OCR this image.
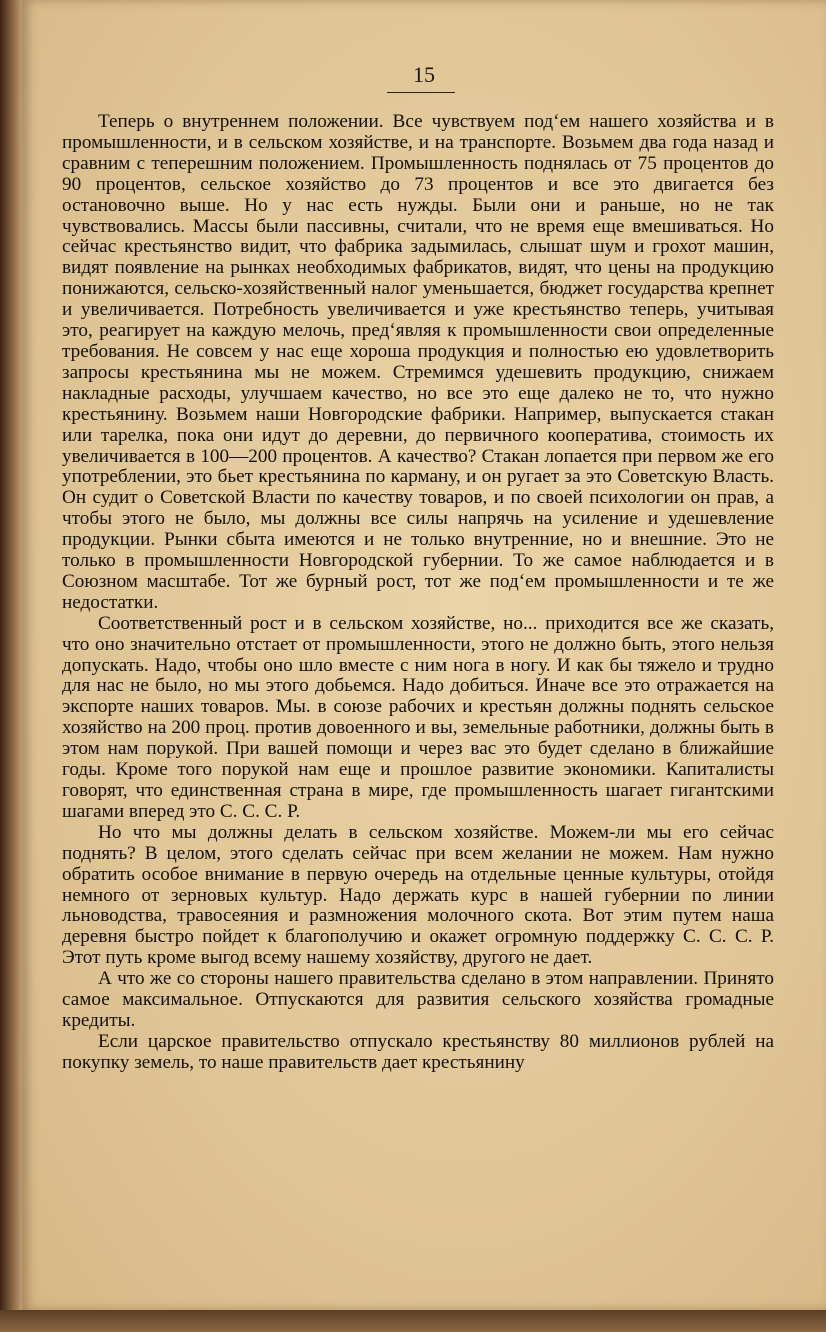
15

Теперь о внутреннем положении. Все чувствуем под‘ем нашего хозяйства и в промышленности, и в сельском хозяйстве, и на транспорте. Возьмем два года назад и сравним с теперешним положением. Промышленность поднялась от 75 процентов до 90 процентов, сельское хозяйство до 73 процентов и все это двигается без остановочно выше. Но у нас есть нужды. Были они и раньше, но не так чувствовались. Массы были пассивны, считали, что не время еще вмешиваться. Но сейчас крестьянство видит, что фабрика задымилась, слышат шум и грохот машин, видят появление на рынках необходимых фабрикатов, видят, что цены на продукцию понижаются, сельско-хозяйственный налог уменьшается, бюджет государства крепнет и увеличивается. Потребность увеличивается и уже крестьянство теперь, учитывая это, реагирует на каждую мелочь, пред‘являя к промышленности свои определенные требования. Не совсем у нас еще хороша продукция и полностью ею удовлетворить запросы крестьянина мы не можем. Стремимся удешевить продукцию, снижаем накладные расходы, улучшаем качество, но все это еще далеко не то, что нужно крестьянину. Возьмем наши Новгородские фабрики. Например, выпускается стакан или тарелка, пока они идут до деревни, до первичного кооператива, стоимость их увеличивается в 100—200 процентов. А качество? Стакан лопается при первом же его употреблении, это бьет крестьянина по карману, и он ругает за это Советскую Власть. Он судит о Советской Власти по качеству товаров, и по своей психологии он прав, а чтобы этого не было, мы должны все силы напрячь на усиление и удешевление продукции. Рынки сбыта имеются и не только внутренние, но и внешние. Это не только в промышленности Новгородской губернии. То же самое наблюдается и в Союзном масштабе. Тот же бурный рост, тот же под‘ем промышленности и те же недостатки.

Соответственный рост и в сельском хозяйстве, но... приходится все же сказать, что оно значительно отстает от промышленности, этого не должно быть, этого нельзя допускать. Надо, чтобы оно шло вместе с ним нога в ногу. И как бы тяжело и трудно для нас не было, но мы этого добьемся. Надо добиться. Иначе все это отражается на экспорте наших товаров. Мы. в союзе рабочих и крестьян должны поднять сельское хозяйство на 200 проц. против довоенного и вы, земельные работники, должны быть в этом нам порукой. При вашей помощи и через вас это будет сделано в ближайшие годы. Кроме того порукой нам еще и прошлое развитие экономики. Капиталисты говорят, что единственная страна в мире, где промышленность шагает гигантскими шагами вперед это С. С. С. Р.

Но что мы должны делать в сельском хозяйстве. Можем-ли мы его сейчас поднять? В целом, этого сделать сейчас при всем желании не можем. Нам нужно обратить особое внимание в первую очередь на отдельные ценные культуры, отойдя немного от зерновых культур. Надо держать курс в нашей губернии по линии льноводства, травосеяния и размножения молочного скота. Вот этим путем наша деревня быстро пойдет к благополучию и окажет огромную поддержку С. С. С. Р. Этот путь кроме выгод всему нашему хозяйству, другого не дает.

А что же со стороны нашего правительства сделано в этом направлении. Принято самое максимальное. Отпускаются для развития сельского хозяйства громадные кредиты.

Если царское правительство отпускало крестьянству 80 миллионов рублей на покупку земель, то наше правительств дает крестьянину
